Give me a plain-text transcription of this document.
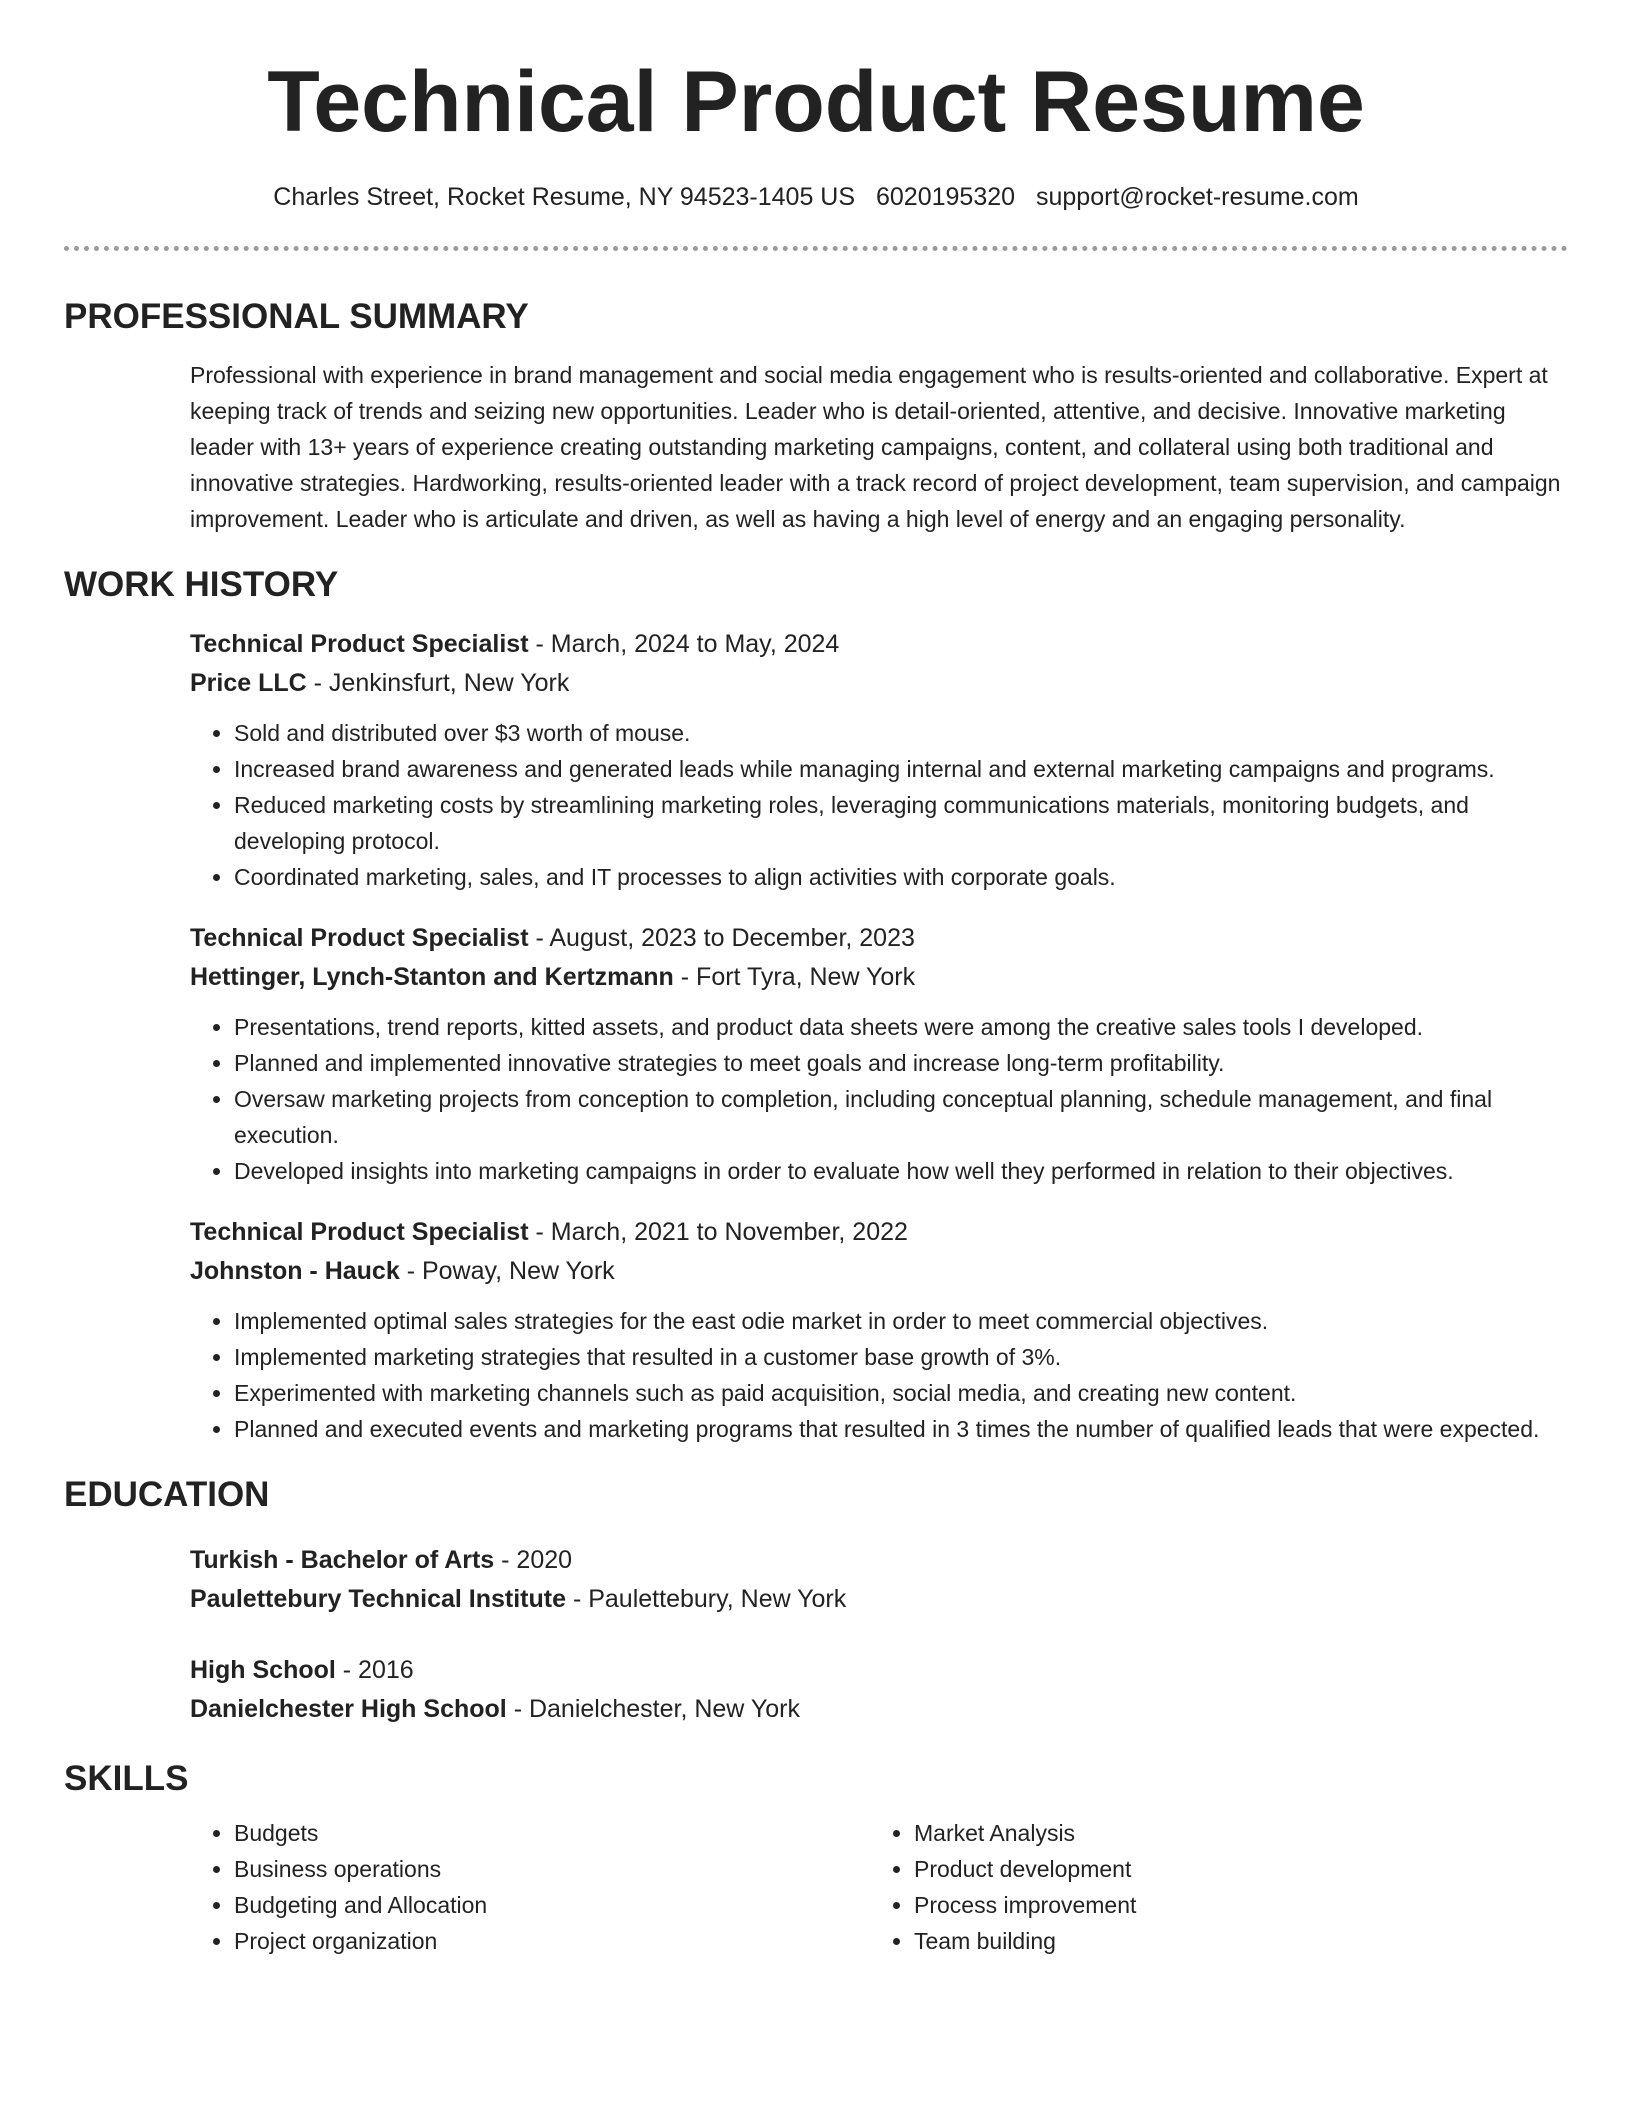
Technical Product Resume
Charles Street, Rocket Resume, NY 94523-1405 US 6020195320 support@rocket-resume.com
PROFESSIONAL SUMMARY

Professional with experience in brand management and social media engagement who is results-oriented and collaborative. Expert at keeping track of trends and seizing new opportunities. Leader who is detail-oriented, attentive, and decisive. Innovative marketing leader with 13+ years of experience creating outstanding marketing campaigns, content, and collateral using both traditional and innovative strategies. Hardworking, results-oriented leader with a track record of project development, team supervision, and campaign improvement. Leader who is articulate and driven, as well as having a high level of energy and an engaging personality.

WORK HISTORY
Technical Product Specialist - March, 2024 to May, 2024
Price LLC - Jenkinsfurt, New York
• Sold and distributed over $3 worth of mouse.
• Increased brand awareness and generated leads while managing internal and external marketing campaigns and programs.
• Reduced marketing costs by streamlining marketing roles, leveraging communications materials, monitoring budgets, and developing protocol.
• Coordinated marketing, sales, and IT processes to align activities with corporate goals.
Technical Product Specialist - August, 2023 to December, 2023
Hettinger, Lynch-Stanton and Kertzmann - Fort Tyra, New York
• Presentations, trend reports, kitted assets, and product data sheets were among the creative sales tools I developed.
• Planned and implemented innovative strategies to meet goals and increase long-term profitability.
• Oversaw marketing projects from conception to completion, including conceptual planning, schedule management, and final execution.
• Developed insights into marketing campaigns in order to evaluate how well they performed in relation to their objectives.
Technical Product Specialist - March, 2021 to November, 2022
Johnston - Hauck - Poway, New York
• Implemented optimal sales strategies for the east odie market in order to meet commercial objectives.
• Implemented marketing strategies that resulted in a customer base growth of 3%.
• Experimented with marketing channels such as paid acquisition, social media, and creating new content.
• Planned and executed events and marketing programs that resulted in 3 times the number of qualified leads that were expected.
EDUCATION
Turkish - Bachelor of Arts - 2020
Paulettebury Technical Institute - Paulettebury, New York
High School - 2016
Danielchester High School - Danielchester, New York
SKILLS
• Budgets
• Business operations
• Budgeting and Allocation
• Project organization
• Market Analysis
• Product development
• Process improvement
• Team building
